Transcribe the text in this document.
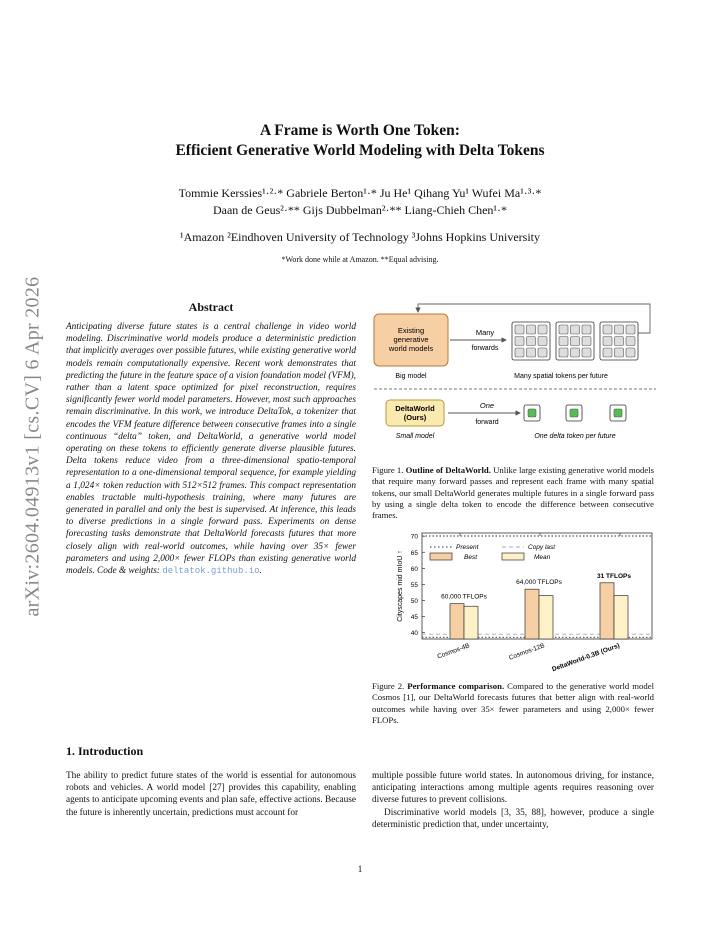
arXiv:2604.04913v1 [cs.CV] 6 Apr 2026
A Frame is Worth One Token:
Efficient Generative World Modeling with Delta Tokens
Tommie Kerssies¹·²·* Gabriele Berton¹·* Ju He¹ Qihang Yu¹ Wufei Ma¹·³·*
Daan de Geus²·** Gijs Dubbelman²·** Liang-Chieh Chen¹·*
¹Amazon ²Eindhoven University of Technology ³Johns Hopkins University
*Work done while at Amazon. **Equal advising.
Abstract
Anticipating diverse future states is a central challenge in video world modeling. Discriminative world models produce a deterministic prediction that implicitly averages over possible futures, while existing generative world models remain computationally expensive. Recent work demonstrates that predicting the future in the feature space of a vision foundation model (VFM), rather than a latent space optimized for pixel reconstruction, requires significantly fewer world model parameters. However, most such approaches remain discriminative. In this work, we introduce DeltaTok, a tokenizer that encodes the VFM feature difference between consecutive frames into a single continuous “delta” token, and DeltaWorld, a generative world model operating on these tokens to efficiently generate diverse plausible futures. Delta tokens reduce video from a three-dimensional spatio-temporal representation to a one-dimensional temporal sequence, for example yielding a 1,024× token reduction with 512×512 frames. This compact representation enables tractable multi-hypothesis training, where many futures are generated in parallel and only the best is supervised. At inference, this leads to diverse predictions in a single forward pass. Experiments on dense forecasting tasks demonstrate that DeltaWorld forecasts futures that more closely align with real-world outcomes, while having over 35× fewer parameters and using 2,000× fewer FLOPs than existing generative world models. Code & weights: deltatok.github.io.
1. Introduction
The ability to predict future states of the world is essential for autonomous robots and vehicles. A world model [27] provides this capability, enabling agents to anticipate upcoming events and plan safe, effective actions. Because the future is inherently uncertain, predictions must account for
multiple possible future world states. In autonomous driving, for instance, anticipating interactions among multiple agents requires reasoning over diverse futures to prevent collisions.
Discriminative world models [3, 35, 88], however, produce a single deterministic prediction that, under uncertainty,
Existing
generative
world models
Big model
Many
forwards
Many spatial tokens per future
DeltaWorld
(Ours)
Small model
One
forward
One delta token per future
Figure 1. Outline of DeltaWorld. Unlike large existing generative world models that require many forward passes and represent each frame with many spatial tokens, our small DeltaWorld generates multiple futures in a single forward pass by using a single delta token to encode the difference between consecutive frames.
40
45
50
55
60
65
70
60,000 TFLOPs
64,000 TFLOPs
31 TFLOPs
Cosmos-4B	Cosmos-12B DeltaWorld-0.3B (Ours)
Cityscapes mid mIoU ↑
Present	Copy last
Best	Mean
Figure 2. Performance comparison. Compared to the generative world model Cosmos [1], our DeltaWorld forecasts futures that better align with real-world outcomes while having over 35× fewer parameters and using 2,000× fewer FLOPs.
1
